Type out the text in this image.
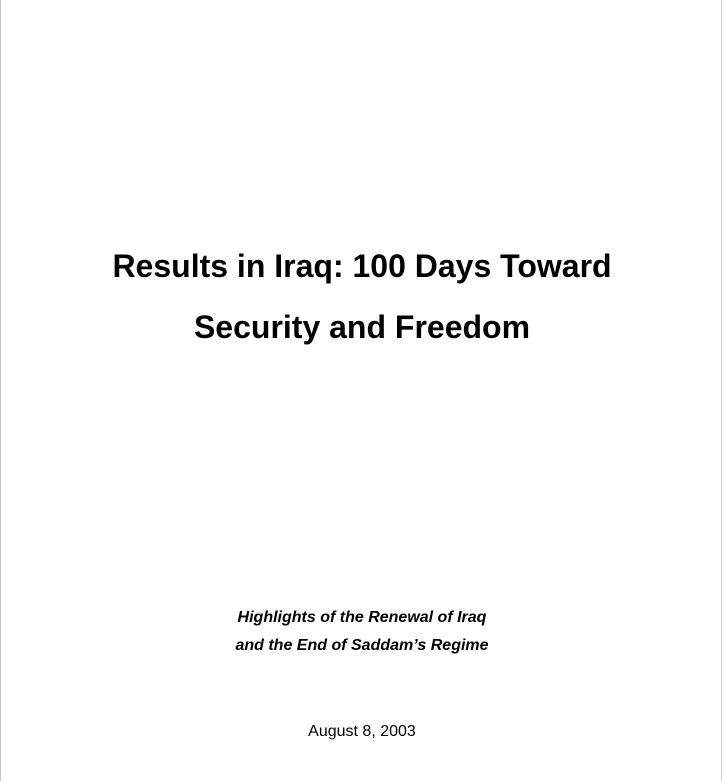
Results in Iraq: 100 Days Toward
Security and Freedom
Highlights of the Renewal of Iraq
and the End of Saddam’s Regime
August 8, 2003
